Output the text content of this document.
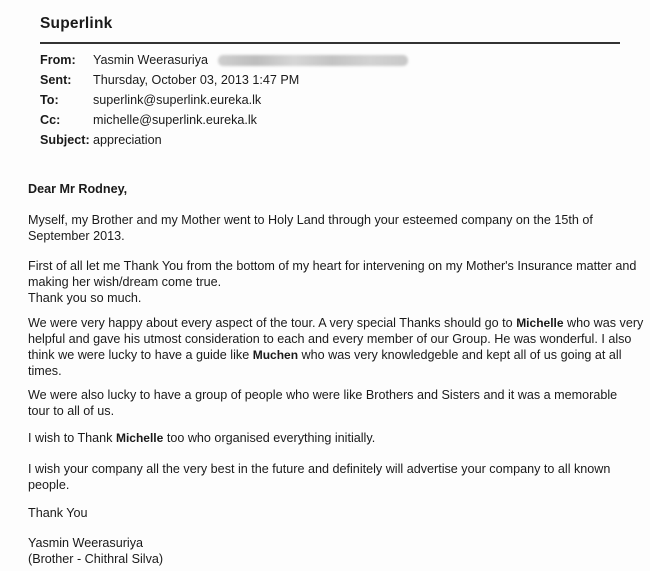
Superlink
From:	Yasmin Weerasuriya
Sent:	Thursday, October 03, 2013 1:47 PM
To:	superlink@superlink.eureka.lk
Cc:	michelle@superlink.eureka.lk
Subject: appreciation
Dear Mr Rodney,
Myself, my Brother and my Mother went to Holy Land through your esteemed company on the 15th of
September 2013.
First of all let me Thank You from the bottom of my heart for intervening on my Mother's Insurance matter and
making her wish/dream come true.
Thank you so much.
We were very happy about every aspect of the tour. A very special Thanks should go to Michelle who was very
helpful and gave his utmost consideration to each and every member of our Group. He was wonderful. I also
think we were lucky to have a guide like Muchen who was very knowledgeble and kept all of us going at all
times.
We were also lucky to have a group of people who were like Brothers and Sisters and it was a memorable
tour to all of us.
I wish to Thank Michelle too who organised everything initially.
I wish your company all the very best in the future and definitely will advertise your company to all known
people.
Thank You
Yasmin Weerasuriya
(Brother - Chithral Silva)
